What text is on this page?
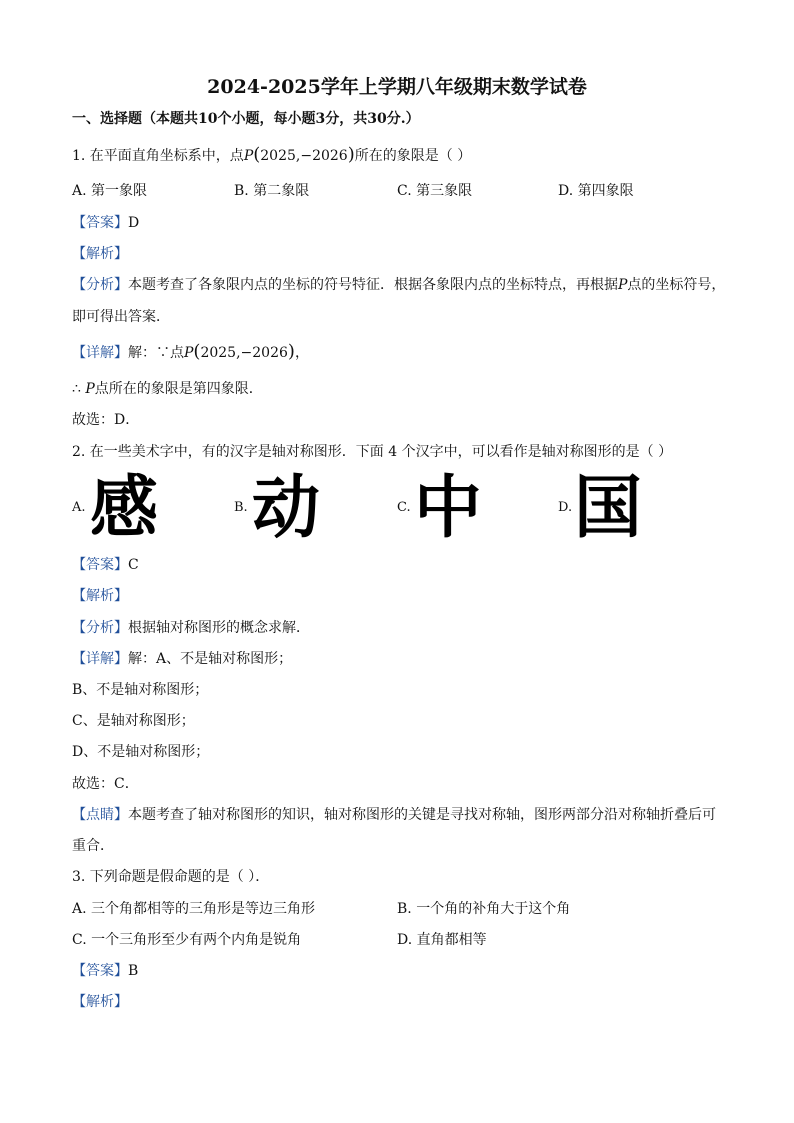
2024-2025学年上学期八年级期末数学试卷
一、选择题（本题共10个小题，每小题3分，共30分.）
1. 在平面直角坐标系中，点P(2025,−2026)所在的象限是（ ）
A. 第一象限	B. 第二象限	C. 第三象限	D. 第四象限
【答案】D
【解析】
【分析】本题考查了各象限内点的坐标的符号特征．根据各象限内点的坐标特点，再根据P点的坐标符号，
即可得出答案．
【详解】解：∵点P(2025,−2026)，
∴ P点所在的象限是第四象限．
故选：D．
2. 在一些美术字中，有的汉字是轴对称图形．下面 4 个汉字中，可以看作是轴对称图形的是（ ）
A. 感	B. 动	C. 中	D. 国
【答案】C
【解析】
【分析】根据轴对称图形的概念求解．
【详解】解：A、不是轴对称图形；
B、不是轴对称图形；
C、是轴对称图形；
D、不是轴对称图形；
故选：C．
【点睛】本题考查了轴对称图形的知识，轴对称图形的关键是寻找对称轴，图形两部分沿对称轴折叠后可
重合．
3. 下列命题是假命题的是（ ）．
A. 三个角都相等的三角形是等边三角形	B. 一个角的补角大于这个角
C. 一个三角形至少有两个内角是锐角	D. 直角都相等
【答案】B
【解析】
